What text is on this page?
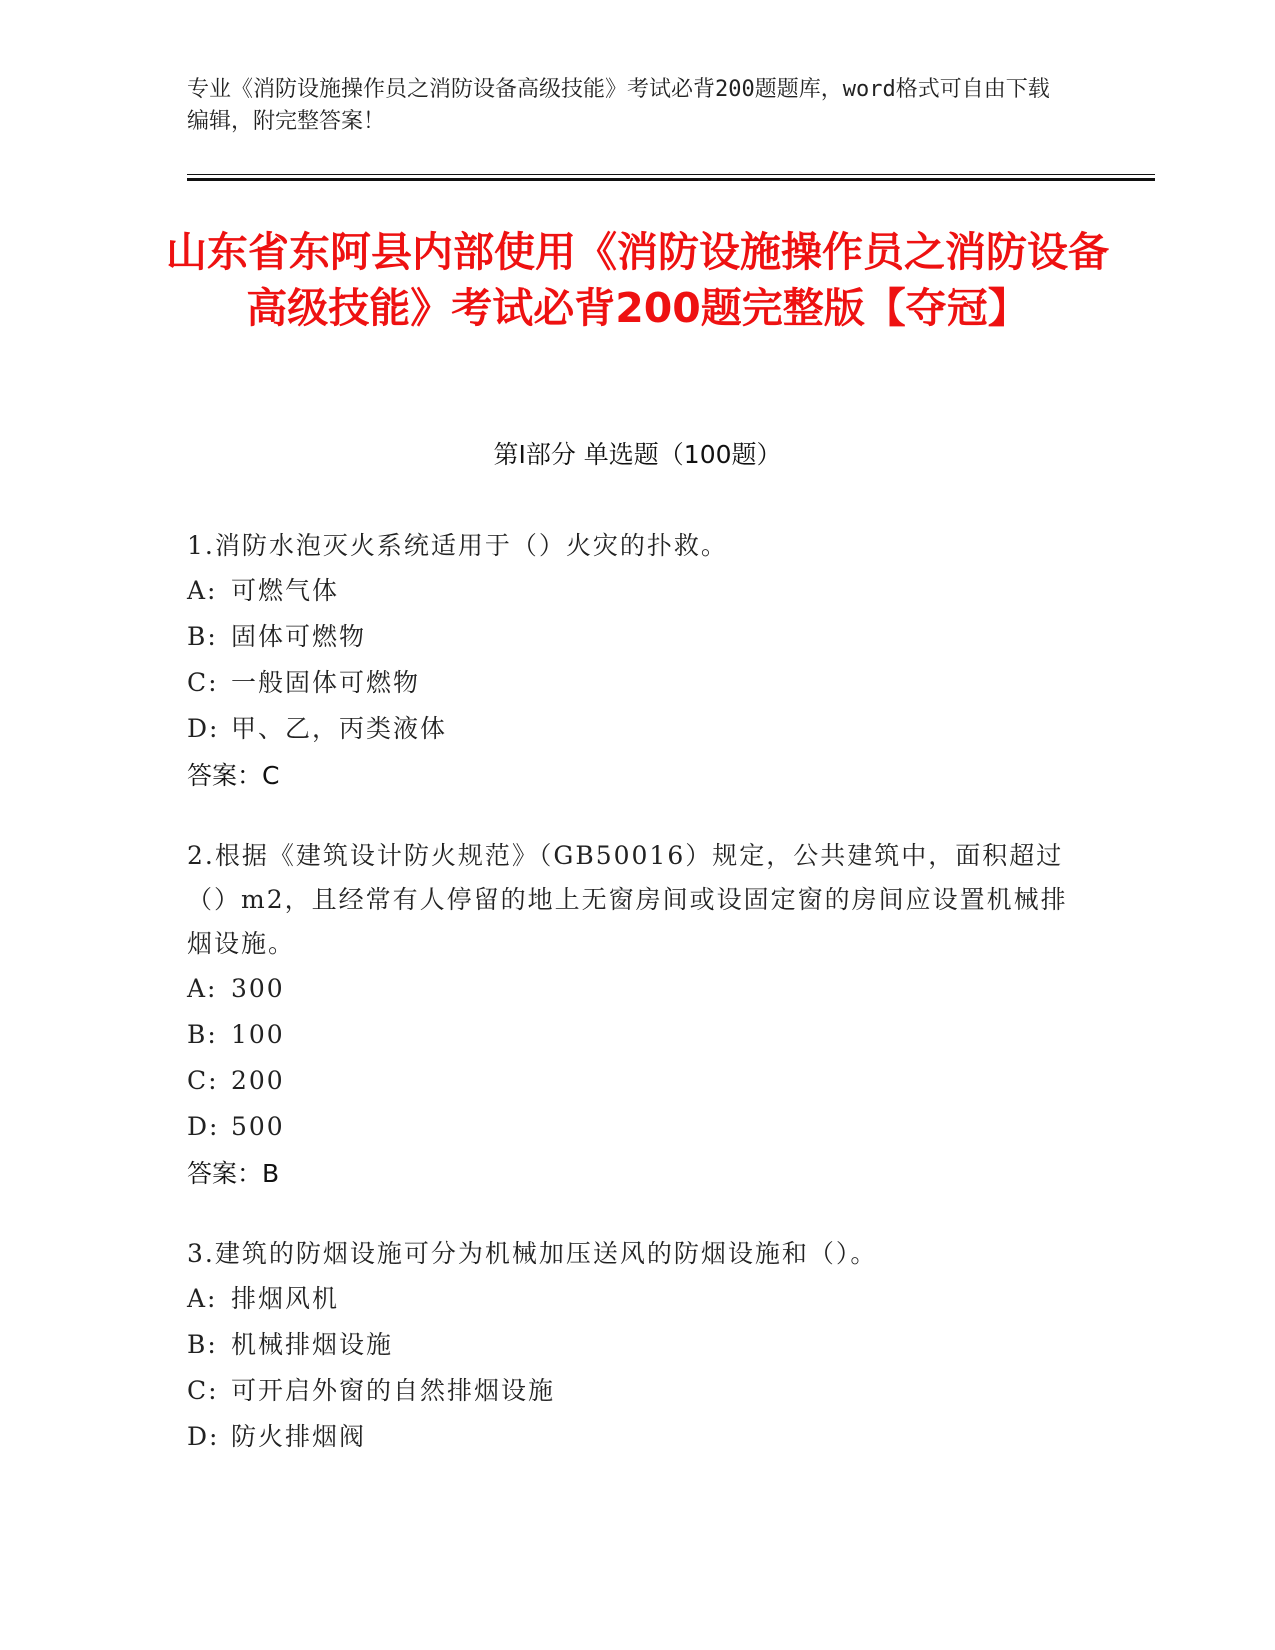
专业《消防设施操作员之消防设备高级技能》考试必背200题题库，word格式可自由下载编辑，附完整答案！
山东省东阿县内部使用《消防设施操作员之消防设备高级技能》考试必背200题完整版【夺冠】
第Ⅰ部分 单选题（100题）
1.消防水泡灭火系统适用于（）火灾的扑救。
A: 可燃气体
B: 固体可燃物
C: 一般固体可燃物
D: 甲、乙，丙类液体
答案：C
2.根据《建筑设计防火规范》（GB50016）规定，公共建筑中，面积超过（）m2，且经常有人停留的地上无窗房间或设固定窗的房间应设置机械排烟设施。
A: 300
B: 100
C: 200
D: 500
答案：B
3.建筑的防烟设施可分为机械加压送风的防烟设施和（）。
A: 排烟风机
B: 机械排烟设施
C: 可开启外窗的自然排烟设施
D: 防火排烟阀
